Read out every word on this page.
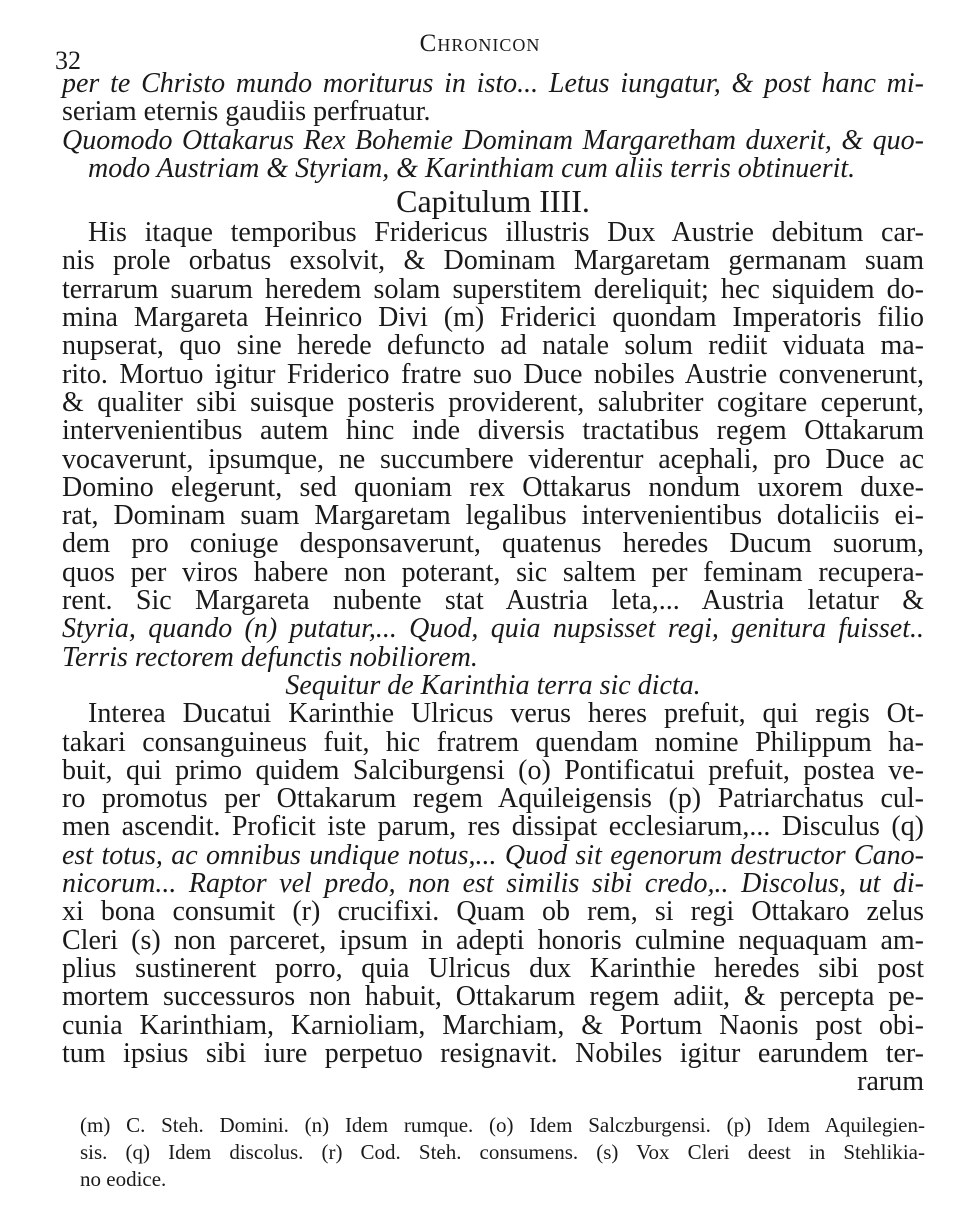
32
Chronicon
per te Christo mundo moriturus in isto... Letus iungatur, & post hanc mi-
seriam eternis gaudiis perfruatur.
Quomodo Ottakarus Rex Bohemie Dominam Margaretham duxerit, & quo-
modo Austriam & Styriam, & Karinthiam cum aliis terris obtinuerit.
Capitulum IIII.
His itaque temporibus Fridericus illustris Dux Austrie debitum car-
nis prole orbatus exsolvit, & Dominam Margaretam germanam suam
terrarum suarum heredem solam superstitem dereliquit; hec siquidem do-
mina Margareta Heinrico Divi (m) Friderici quondam Imperatoris filio
nupserat, quo sine herede defuncto ad natale solum rediit viduata ma-
rito. Mortuo igitur Friderico fratre suo Duce nobiles Austrie convenerunt,
& qualiter sibi suisque posteris providerent, salubriter cogitare ceperunt,
intervenientibus autem hinc inde diversis tractatibus regem Ottakarum
vocaverunt, ipsumque, ne succumbere viderentur acephali, pro Duce ac
Domino elegerunt, sed quoniam rex Ottakarus nondum uxorem duxe-
rat, Dominam suam Margaretam legalibus intervenientibus dotaliciis ei-
dem pro coniuge desponsaverunt, quatenus heredes Ducum suorum,
quos per viros habere non poterant, sic saltem per feminam recupera-
rent. Sic Margareta nubente stat Austria leta,... Austria letatur &
Styria, quando (n) putatur,... Quod, quia nupsisset regi, genitura fuisset..
Terris rectorem defunctis nobiliorem.
Sequitur de Karinthia terra sic dicta.
Interea Ducatui Karinthie Ulricus verus heres prefuit, qui regis Ot-
takari consanguineus fuit, hic fratrem quendam nomine Philippum ha-
buit, qui primo quidem Salciburgensi (o) Pontificatui prefuit, postea ve-
ro promotus per Ottakarum regem Aquileigensis (p) Patriarchatus cul-
men ascendit. Proficit iste parum, res dissipat ecclesiarum,... Disculus (q)
est totus, ac omnibus undique notus,... Quod sit egenorum destructor Cano-
nicorum... Raptor vel predo, non est similis sibi credo,.. Discolus, ut di-
xi bona consumit (r) crucifixi. Quam ob rem, si regi Ottakaro zelus
Cleri (s) non parceret, ipsum in adepti honoris culmine nequaquam am-
plius sustinerent porro, quia Ulricus dux Karinthie heredes sibi post
mortem successuros non habuit, Ottakarum regem adiit, & percepta pe-
cunia Karinthiam, Karnioliam, Marchiam, & Portum Naonis post obi-
tum ipsius sibi iure perpetuo resignavit. Nobiles igitur earundem ter-
rarum
(m) C. Steh. Domini. (n) Idem rumque. (o) Idem Salczburgensi. (p) Idem Aquilegien-
sis. (q) Idem discolus. (r) Cod. Steh. consumens. (s) Vox Cleri deest in Stehlikia-
no eodice.
